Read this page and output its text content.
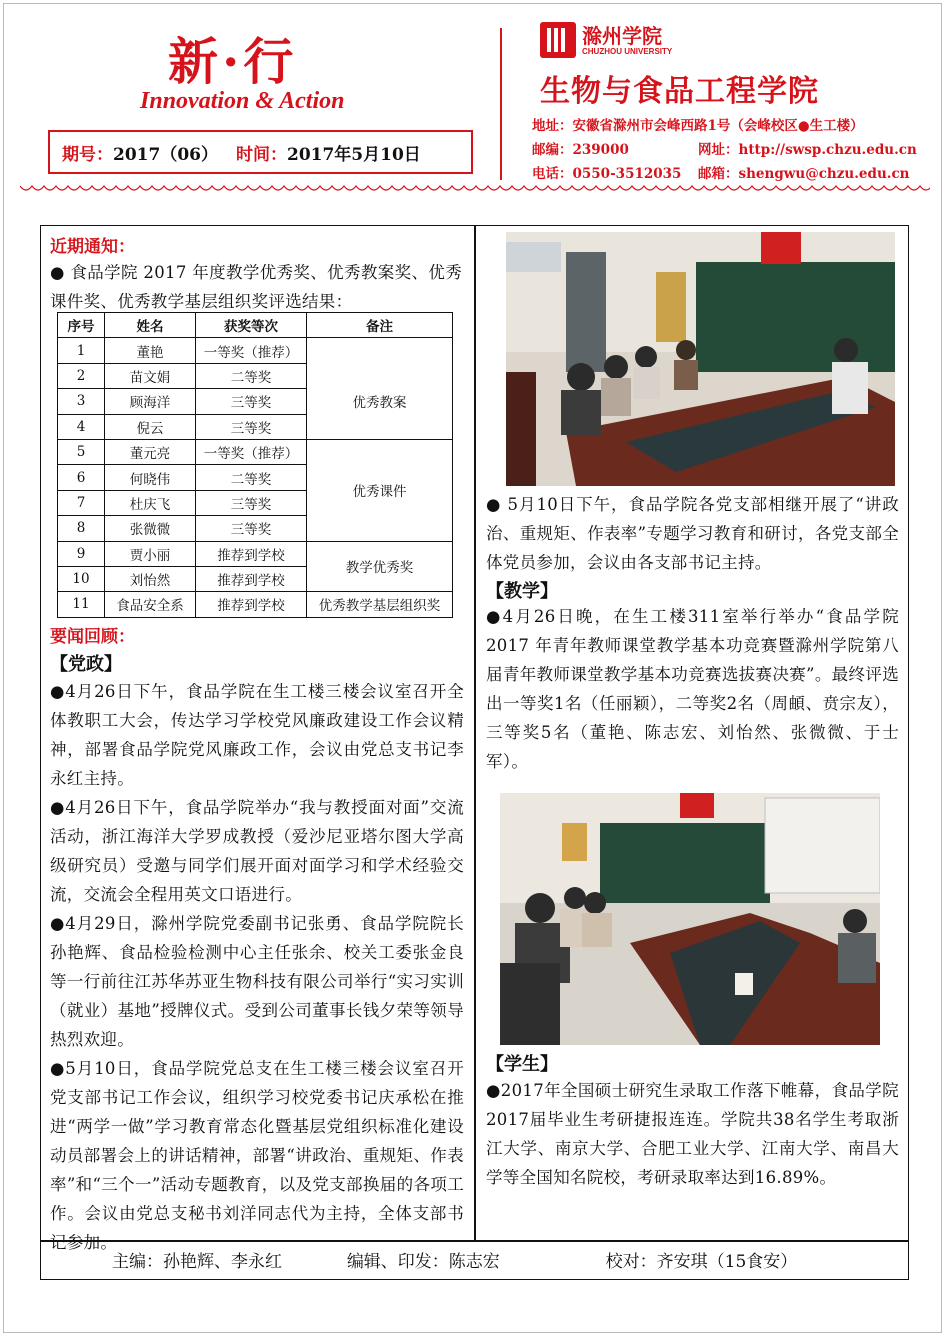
新·行
Innovation & Action
期号： 2017（06） 时间： 2017年5月10日
滁州学院
CHUZHOU UNIVERSITY
生物与食品工程学院
地址：安徽省滁州市会峰西路1号（会峰校区●生工楼）
邮编：239000	网址：http://swsp.chzu.edu.cn
电话：0550-3512035 邮箱：shengwu@chzu.edu.cn
近期通知：
● 食品学院 2017 年度教学优秀奖、优秀教案奖、优秀课件奖、优秀教学基层组织奖评选结果：
序号	姓名	获奖等次	备注
1	董艳	一等奖（推荐）	
2	苗文娟	二等奖	优秀教案
3	顾海洋	三等奖	
4	倪云	三等奖	
5	董元亮	一等奖（推荐）	优秀课件
6	何晓伟	二等奖	
7	杜庆飞	三等奖	
8	张微微	三等奖	
9	贾小丽	推荐到学校	教学优秀奖
10	刘怡然	推荐到学校	
11	食品安全系	推荐到学校	优秀教学基层组织奖
要闻回顾：
【党政】
●4月26日下午，食品学院在生工楼三楼会议室召开全体教职工大会，传达学习学校党风廉政建设工作会议精神，部署食品学院党风廉政工作，会议由党总支书记李永红主持。
●4月26日下午，食品学院举办“我与教授面对面”交流活动，浙江海洋大学罗成教授（爱沙尼亚塔尔图大学高级研究员）受邀与同学们展开面对面学习和学术经验交流，交流会全程用英文口语进行。
●4月29日，滁州学院党委副书记张勇、食品学院院长孙艳辉、食品检验检测中心主任张余、校关工委张金良等一行前往江苏华苏亚生物科技有限公司举行“实习实训（就业）基地”授牌仪式。受到公司董事长钱夕荣等领导热烈欢迎。
●5月10日，食品学院党总支在生工楼三楼会议室召开党支部书记工作会议，组织学习校党委书记庆承松在推进“两学一做”学习教育常态化暨基层党组织标准化建设动员部署会上的讲话精神，部署“讲政治、重规矩、作表率”和“三个一”活动专题教育，以及党支部换届的各项工作。会议由党总支秘书刘洋同志代为主持，全体支部书记参加。
● 5月10日下午，食品学院各党支部相继开展了“讲政治、重规矩、作表率”专题学习教育和研讨，各党支部全体党员参加，会议由各支部书记主持。
【教学】
●4月26日晚，在生工楼311室举行举办“食品学院 2017 年青年教师课堂教学基本功竞赛暨滁州学院第八届青年教师课堂教学基本功竞赛选拔赛决赛”。最终评选出一等奖1名（任丽颖），二等奖2名（周頔、贲宗友），三等奖5名（董艳、陈志宏、刘怡然、张微微、于士军）。
【学生】
●2017年全国硕士研究生录取工作落下帷幕，食品学院2017届毕业生考研捷报连连。学院共38名学生考取浙江大学、南京大学、合肥工业大学、江南大学、南昌大学等全国知名院校，考研录取率达到16.89%。
主编：孙艳辉、李永红	编辑、印发：陈志宏	校对：齐安琪（15食安）
